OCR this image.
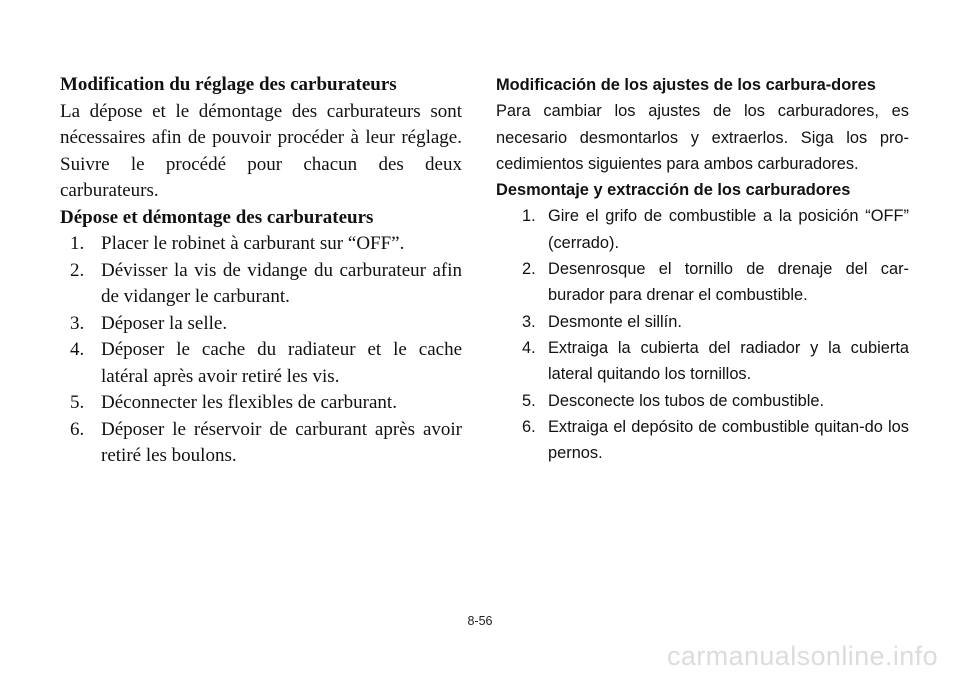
Modification du réglage des carburateurs

La dépose et le démontage des carburateurs sont nécessaires afin de pouvoir procéder à leur réglage. Suivre le procédé pour chacun des deux carburateurs.

Dépose et démontage des carburateurs

1. Placer le robinet à carburant sur “OFF”.
2. Dévisser la vis de vidange du carburateur afin de vidanger le carburant.
3. Déposer la selle.
4. Déposer le cache du radiateur et le cache latéral après avoir retiré les vis.
5. Déconnecter les flexibles de carburant.
6. Déposer le réservoir de carburant après avoir retiré les boulons.

Modificación de los ajustes de los carbura-dores

Para cambiar los ajustes de los carburadores, es necesario desmontarlos y extraerlos. Siga los pro-cedimientos siguientes para ambos carburadores.

Desmontaje y extracción de los carburadores

1. Gire el grifo de combustible a la posición “OFF” (cerrado).
2. Desenrosque el tornillo de drenaje del car-burador para drenar el combustible.
3. Desmonte el sillín.
4. Extraiga la cubierta del radiador y la cubierta lateral quitando los tornillos.
5. Desconecte los tubos de combustible.
6. Extraiga el depósito de combustible quitan-do los pernos.
8-56
carmanualsonline.info
